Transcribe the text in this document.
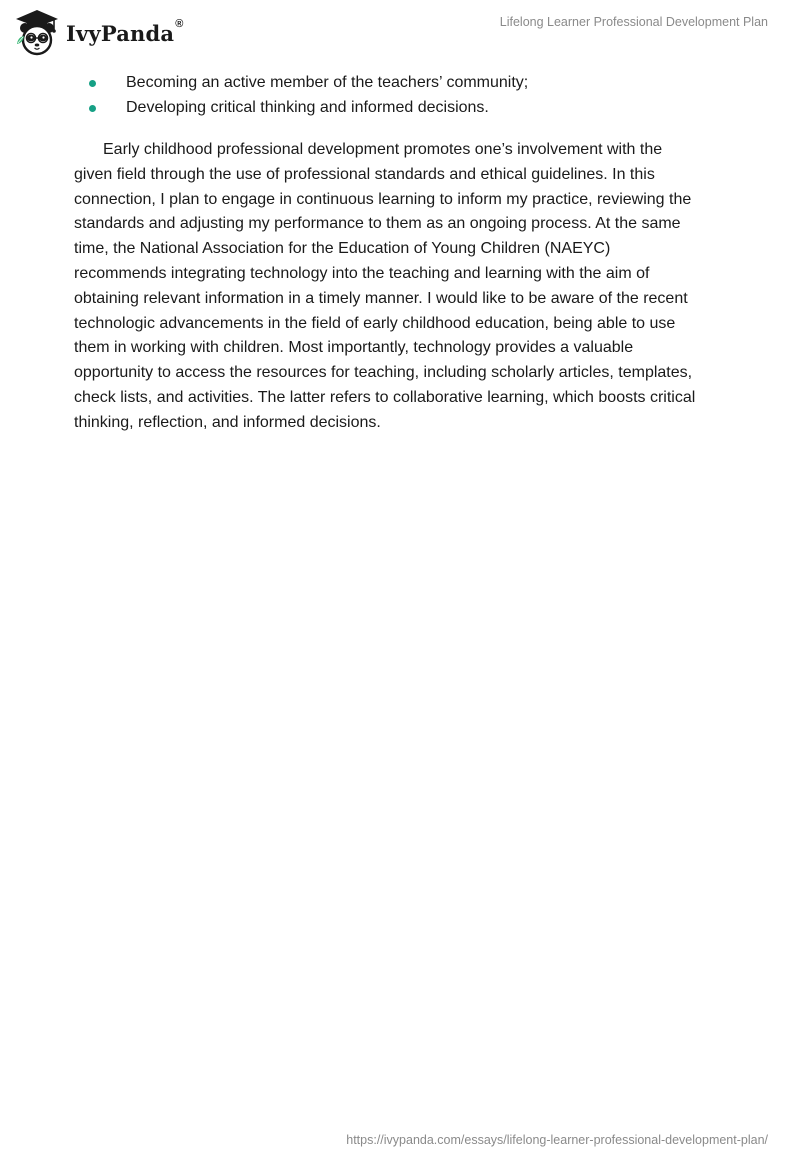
IvyPanda®	Lifelong Learner Professional Development Plan
Becoming an active member of the teachers’ community;
Developing critical thinking and informed decisions.

Early childhood professional development promotes one’s involvement with the
given field through the use of professional standards and ethical guidelines. In this
connection, I plan to engage in continuous learning to inform my practice, reviewing the
standards and adjusting my performance to them as an ongoing process. At the same
time, the National Association for the Education of Young Children (NAEYC)
recommends integrating technology into the teaching and learning with the aim of
obtaining relevant information in a timely manner. I would like to be aware of the recent
technologic advancements in the field of early childhood education, being able to use
them in working with children. Most importantly, technology provides a valuable
opportunity to access the resources for teaching, including scholarly articles, templates,
check lists, and activities. The latter refers to collaborative learning, which boosts critical
thinking, reflection, and informed decisions.

https://ivypanda.com/essays/lifelong-learner-professional-development-plan/
